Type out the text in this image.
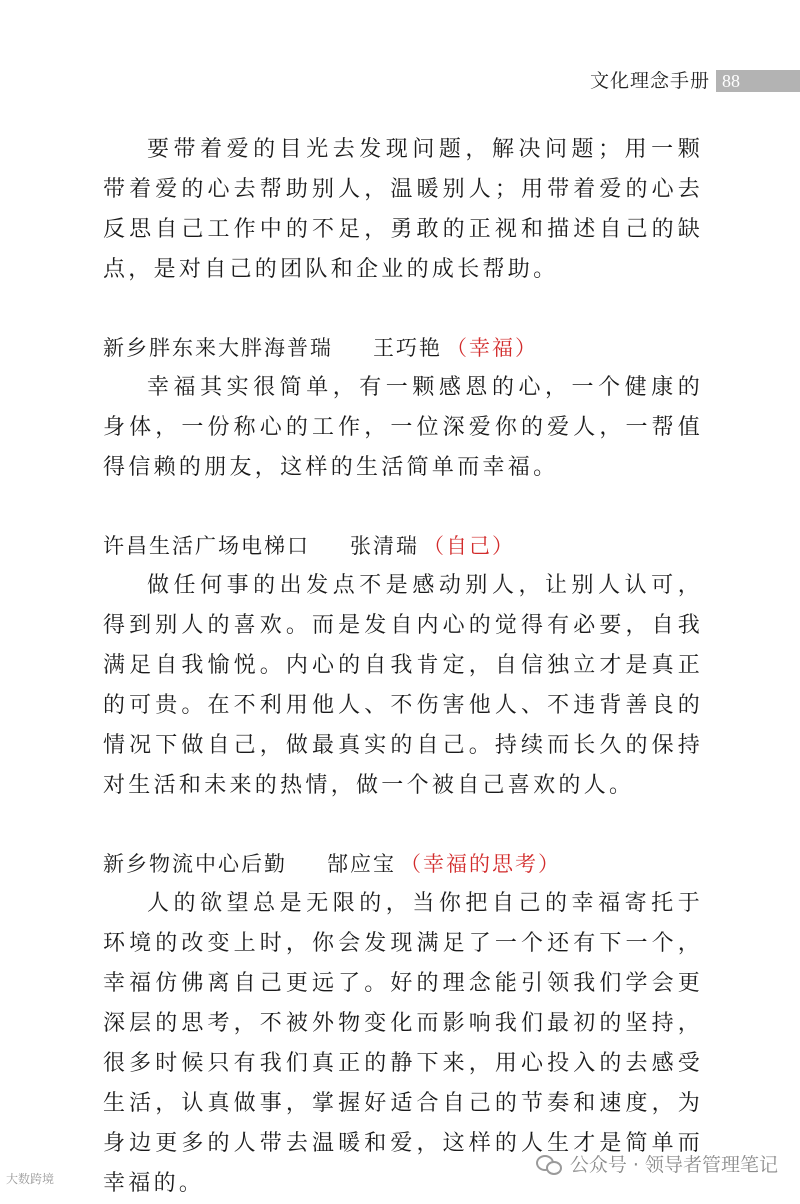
文化理念手册 88

要带着爱的目光去发现问题，解决问题；用一颗带着爱的心去帮助别人，温暖别人；用带着爱的心去反思自己工作中的不足，勇敢的正视和描述自己的缺点，是对自己的团队和企业的成长帮助。

新乡胖东来大胖海普瑞 王巧艳 （幸福）

幸福其实很简单，有一颗感恩的心，一个健康的身体，一份称心的工作，一位深爱你的爱人，一帮值得信赖的朋友，这样的生活简单而幸福。

许昌生活广场电梯口 张清瑞 （自己）

做任何事的出发点不是感动别人，让别人认可，得到别人的喜欢。而是发自内心的觉得有必要，自我满足自我愉悦。内心的自我肯定，自信独立才是真正的可贵。在不利用他人、不伤害他人、不违背善良的情况下做自己，做最真实的自己。持续而长久的保持对生活和未来的热情，做一个被自己喜欢的人。

新乡物流中心后勤 郜应宝 （幸福的思考）

人的欲望总是无限的，当你把自己的幸福寄托于环境的改变上时，你会发现满足了一个还有下一个，幸福仿佛离自己更远了。好的理念能引领我们学会更深层的思考，不被外物变化而影响我们最初的坚持，很多时候只有我们真正的静下来，用心投入的去感受生活，认真做事，掌握好适合自己的节奏和速度，为身边更多的人带去温暖和爱，这样的人生才是简单而幸福的。

大数跨境
公众号 · 领导者管理笔记
